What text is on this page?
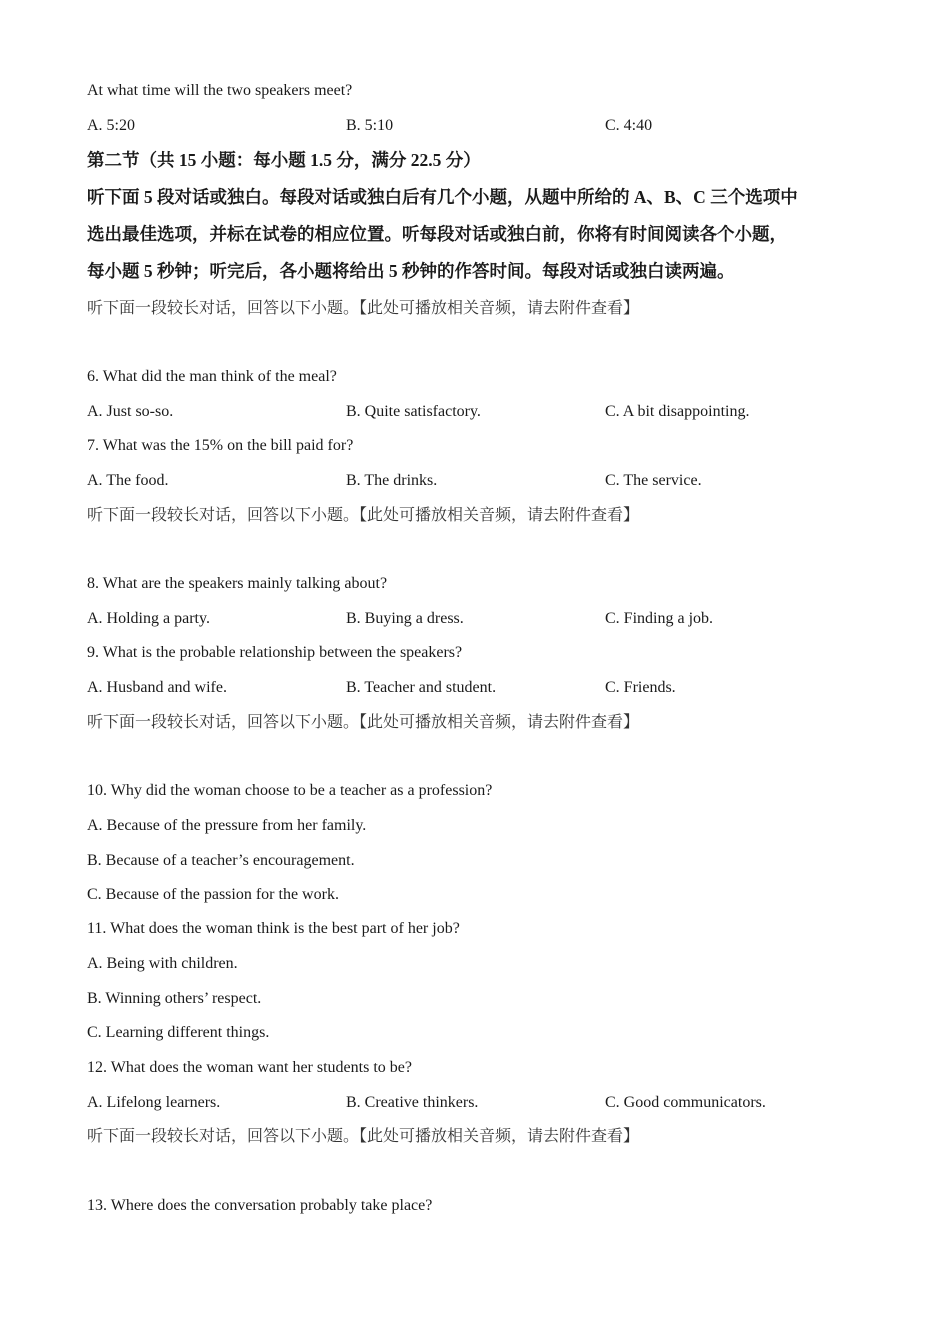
At what time will the two speakers meet?
A. 5:20	B. 5:10	C. 4:40
第二节（共 15 小题：每小题 1.5 分，满分 22.5 分）
听下面 5 段对话或独白。每段对话或独白后有几个小题，从题中所给的 A、B、C 三个选项中
选出最佳选项，并标在试卷的相应位置。听每段对话或独白前，你将有时间阅读各个小题，
每小题 5 秒钟；听完后，各小题将给出 5 秒钟的作答时间。每段对话或独白读两遍。
听下面一段较长对话，回答以下小题。【此处可播放相关音频，请去附件查看】
6. What did the man think of the meal?
A. Just so-so.	B. Quite satisfactory.	C. A bit disappointing.
7. What was the 15% on the bill paid for?
A. The food.	B. The drinks.	C. The service.
听下面一段较长对话，回答以下小题。【此处可播放相关音频，请去附件查看】
8. What are the speakers mainly talking about?
A. Holding a party.	B. Buying a dress.	C. Finding a job.
9. What is the probable relationship between the speakers?
A. Husband and wife.	B. Teacher and student.	C. Friends.
听下面一段较长对话，回答以下小题。【此处可播放相关音频，请去附件查看】
10. Why did the woman choose to be a teacher as a profession?
A. Because of the pressure from her family.
B. Because of a teacher’s encouragement.
C. Because of the passion for the work.
11. What does the woman think is the best part of her job?
A. Being with children.
B. Winning others’ respect.
C. Learning different things.
12. What does the woman want her students to be?
A. Lifelong learners.	B. Creative thinkers.	C. Good communicators.
听下面一段较长对话，回答以下小题。【此处可播放相关音频，请去附件查看】
13. Where does the conversation probably take place?
